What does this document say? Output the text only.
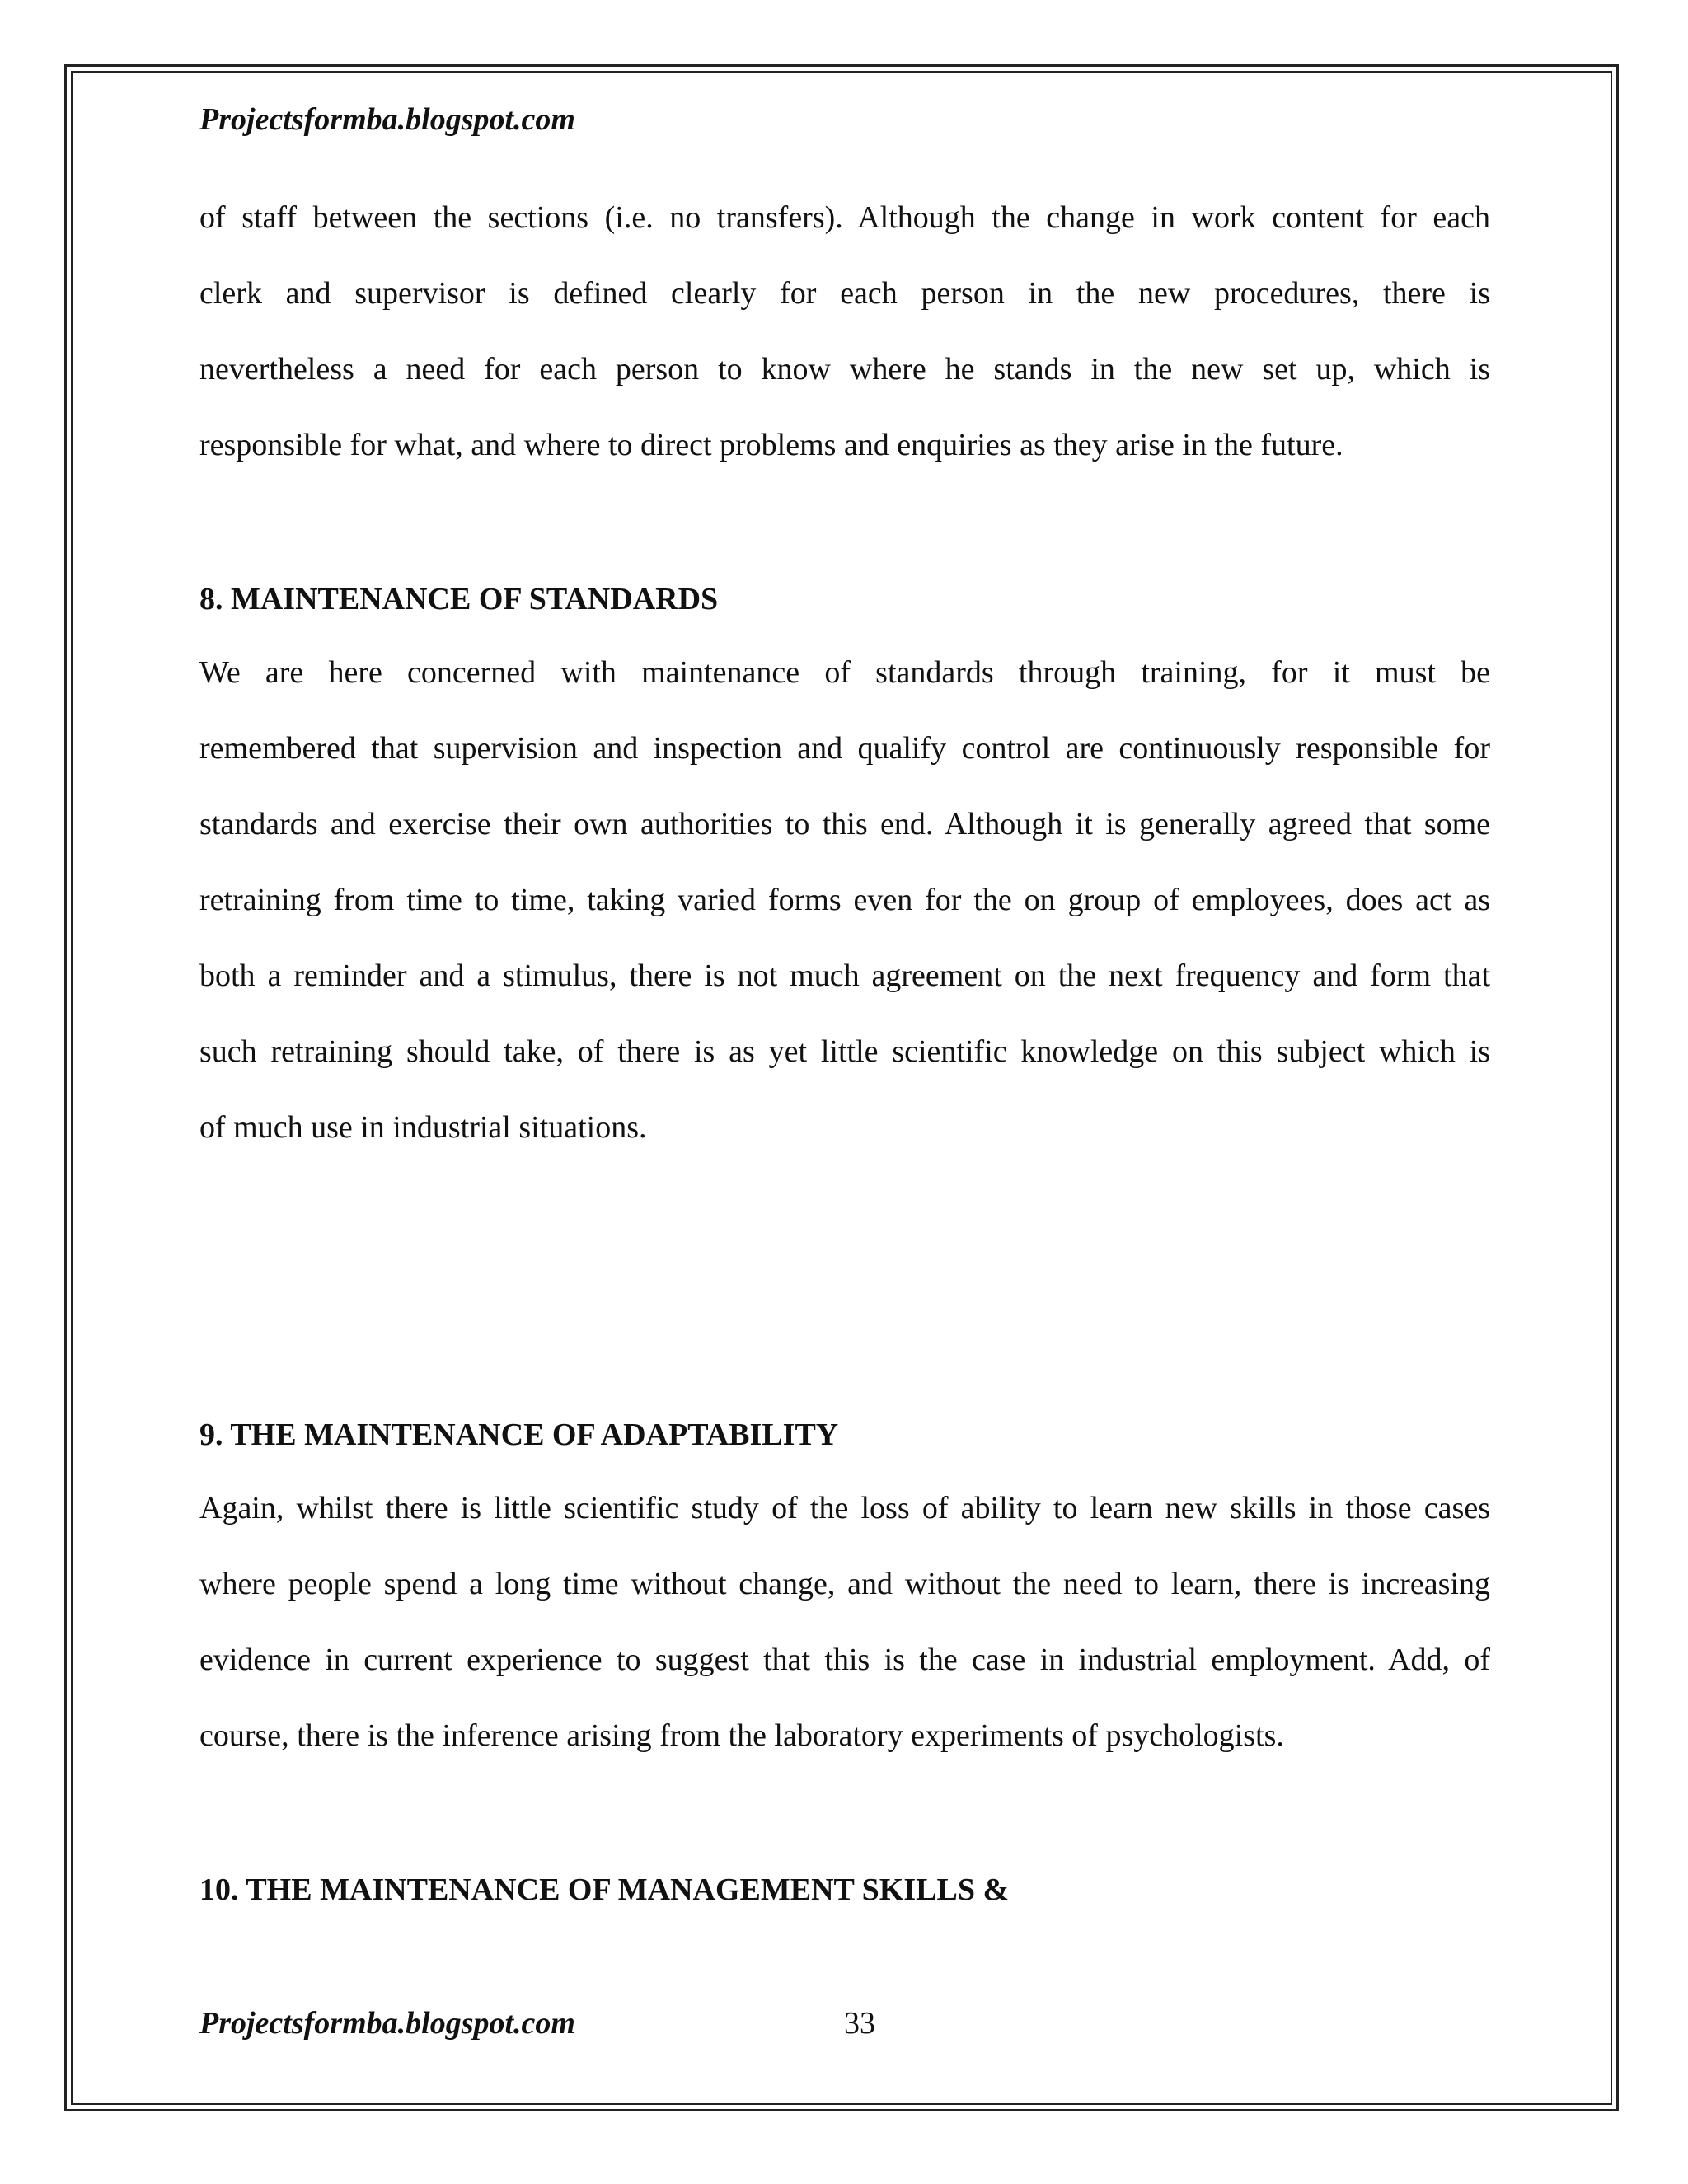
Projectsformba.blogspot.com

of staff between the sections (i.e. no transfers). Although the change in work content for each
clerk and supervisor is defined clearly for each person in the new procedures, there is
nevertheless a need for each person to know where he stands in the new set up, which is
responsible for what, and where to direct problems and enquiries as they arise in the future.

8. MAINTENANCE OF STANDARDS

We are here concerned with maintenance of standards through training, for it must be
remembered that supervision and inspection and qualify control are continuously responsible for
standards and exercise their own authorities to this end. Although it is generally agreed that some
retraining from time to time, taking varied forms even for the on group of employees, does act as
both a reminder and a stimulus, there is not much agreement on the next frequency and form that
such retraining should take, of there is as yet little scientific knowledge on this subject which is
of much use in industrial situations.

9. THE MAINTENANCE OF ADAPTABILITY

Again, whilst there is little scientific study of the loss of ability to learn new skills in those cases
where people spend a long time without change, and without the need to learn, there is increasing
evidence in current experience to suggest that this is the case in industrial employment. Add, of
course, there is the inference arising from the laboratory experiments of psychologists.

10. THE MAINTENANCE OF MANAGEMENT SKILLS &
Projectsformba.blogspot.com	33
